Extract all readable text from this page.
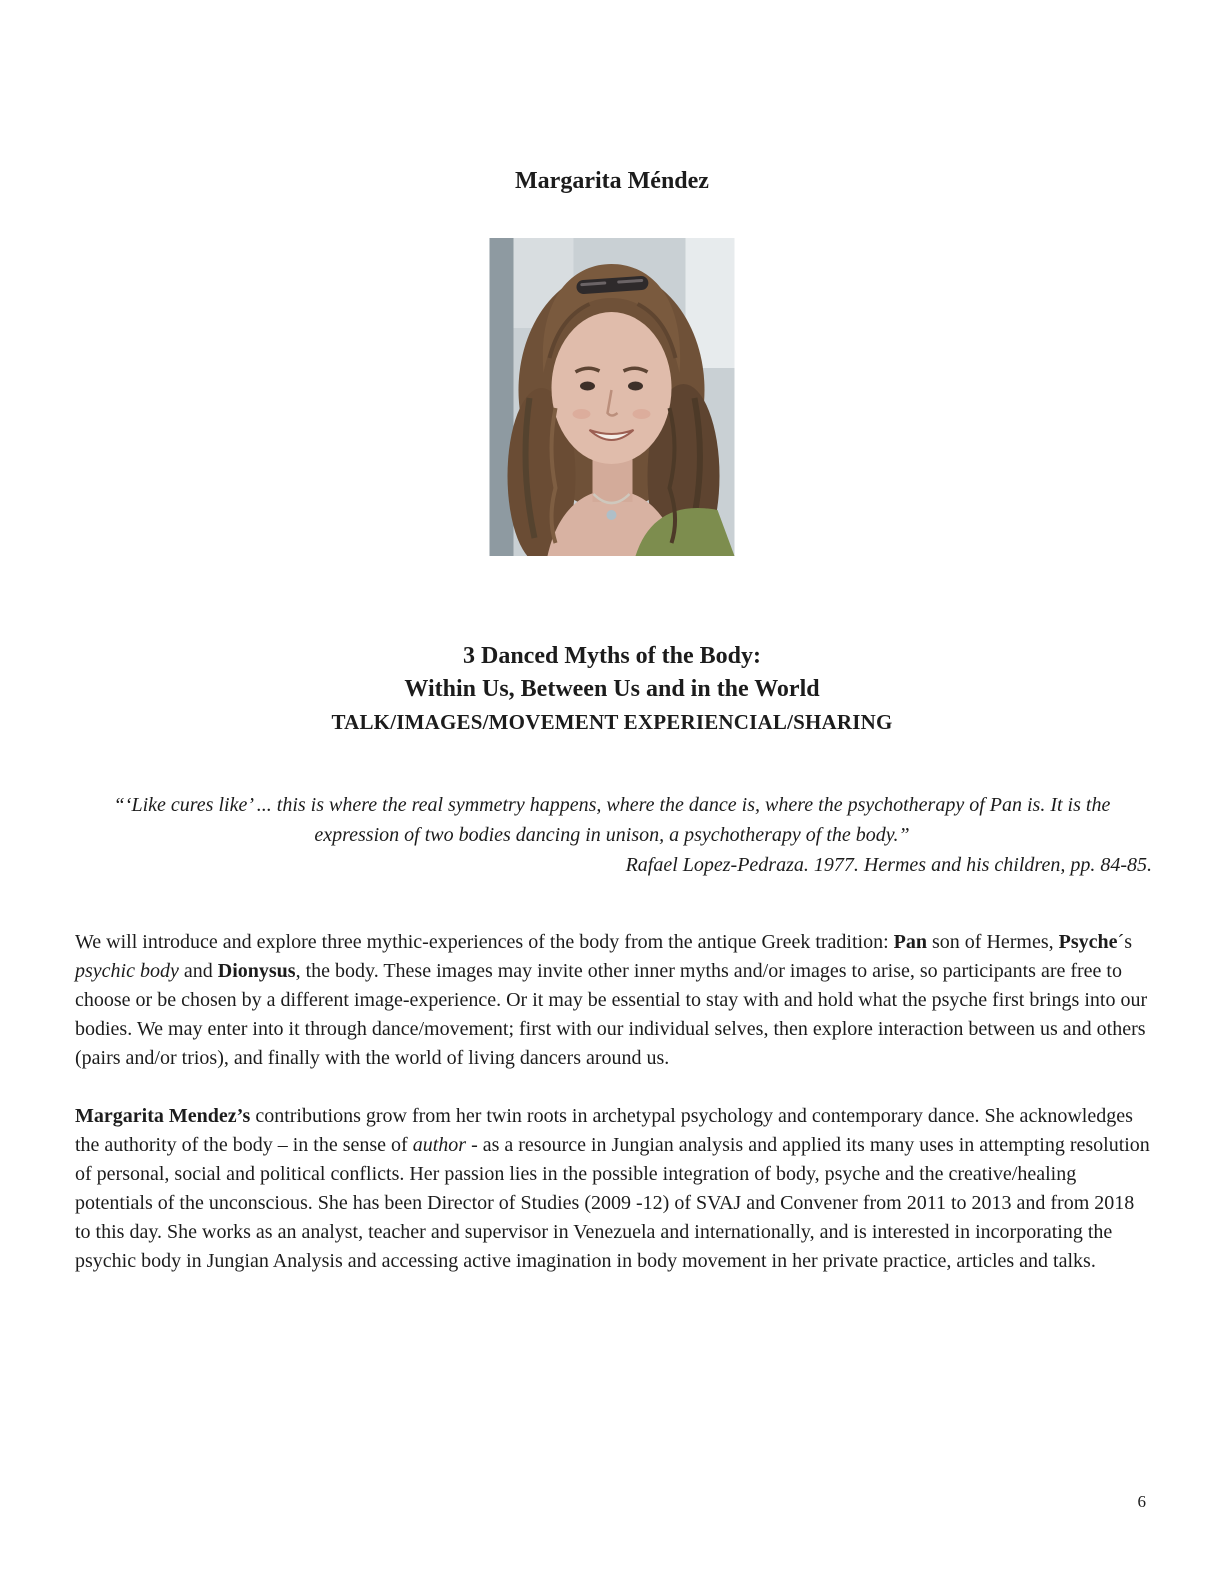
Margarita Méndez
3 Danced Myths of the Body:
Within Us, Between Us and in the World
TALK/IMAGES/MOVEMENT EXPERIENCIAL/SHARING
“‘Like cures like’ ... this is where the real symmetry happens, where the dance is, where the psychotherapy of Pan is. It is the expression of two bodies dancing in unison, a psychotherapy of the body.”
Rafael Lopez-Pedraza. 1977. Hermes and his children, pp. 84-85.

We will introduce and explore three mythic-experiences of the body from the antique Greek tradition: Pan son of Hermes, Psyche´s psychic body and Dionysus, the body. These images may invite other inner myths and/or images to arise, so participants are free to choose or be chosen by a different image-experience. Or it may be essential to stay with and hold what the psyche first brings into our bodies. We may enter into it through dance/movement; first with our individual selves, then explore interaction between us and others (pairs and/or trios), and finally with the world of living dancers around us.

Margarita Mendez’s contributions grow from her twin roots in archetypal psychology and contemporary dance. She acknowledges the authority of the body – in the sense of author - as a resource in Jungian analysis and applied its many uses in attempting resolution of personal, social and political conflicts. Her passion lies in the possible integration of body, psyche and the creative/healing potentials of the unconscious. She has been Director of Studies (2009 -12) of SVAJ and Convener from 2011 to 2013 and from 2018 to this day. She works as an analyst, teacher and supervisor in Venezuela and internationally, and is interested in incorporating the psychic body in Jungian Analysis and accessing active imagination in body movement in her private practice, articles and talks.

6
